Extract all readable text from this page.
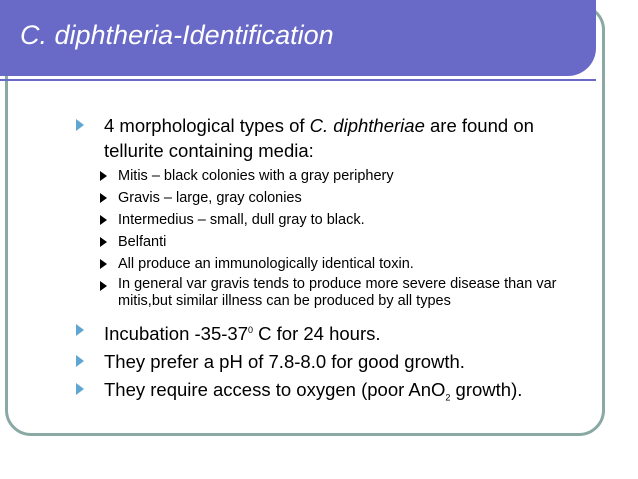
C. diphtheria-Identification
4 morphological types of C. diphtheriae are found on tellurite containing media:
Mitis – black colonies with a gray periphery
Gravis – large, gray colonies
Intermedius – small, dull gray to black.
Belfanti
All produce an immunologically identical toxin.
In general var gravis tends to produce more severe disease than var mitis,but similar illness can be produced by all types
Incubation $-35-37^0$ C for 24 hours.
They prefer a pH of 7.8-8.0 for good growth.
They require access to oxygen (poor AnO$_2$ growth).
